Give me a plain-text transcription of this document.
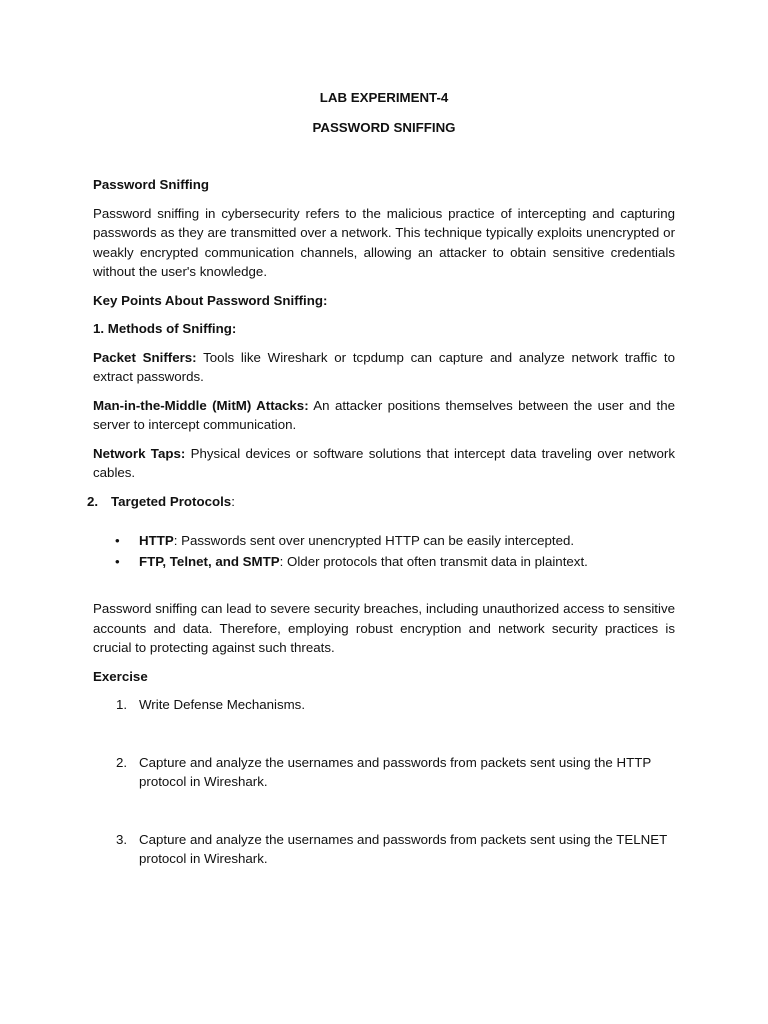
LAB EXPERIMENT-4
PASSWORD SNIFFING
Password Sniffing

Password sniffing in cybersecurity refers to the malicious practice of intercepting and capturing passwords as they are transmitted over a network. This technique typically exploits unencrypted or weakly encrypted communication channels, allowing an attacker to obtain sensitive credentials without the user's knowledge.

Key Points About Password Sniffing:
1. Methods of Sniffing:

Packet Sniffers: Tools like Wireshark or tcpdump can capture and analyze network traffic to extract passwords.

Man-in-the-Middle (MitM) Attacks: An attacker positions themselves between the user and the server to intercept communication.

Network Taps: Physical devices or software solutions that intercept data traveling over network cables.

2. Targeted Protocols:
• HTTP: Passwords sent over unencrypted HTTP can be easily intercepted.
• FTP, Telnet, and SMTP: Older protocols that often transmit data in plaintext.

Password sniffing can lead to severe security breaches, including unauthorized access to sensitive accounts and data. Therefore, employing robust encryption and network security practices is crucial to protecting against such threats.

Exercise
1. Write Defense Mechanisms.
2. Capture and analyze the usernames and passwords from packets sent using the HTTP protocol in Wireshark.
3. Capture and analyze the usernames and passwords from packets sent using the TELNET protocol in Wireshark.
